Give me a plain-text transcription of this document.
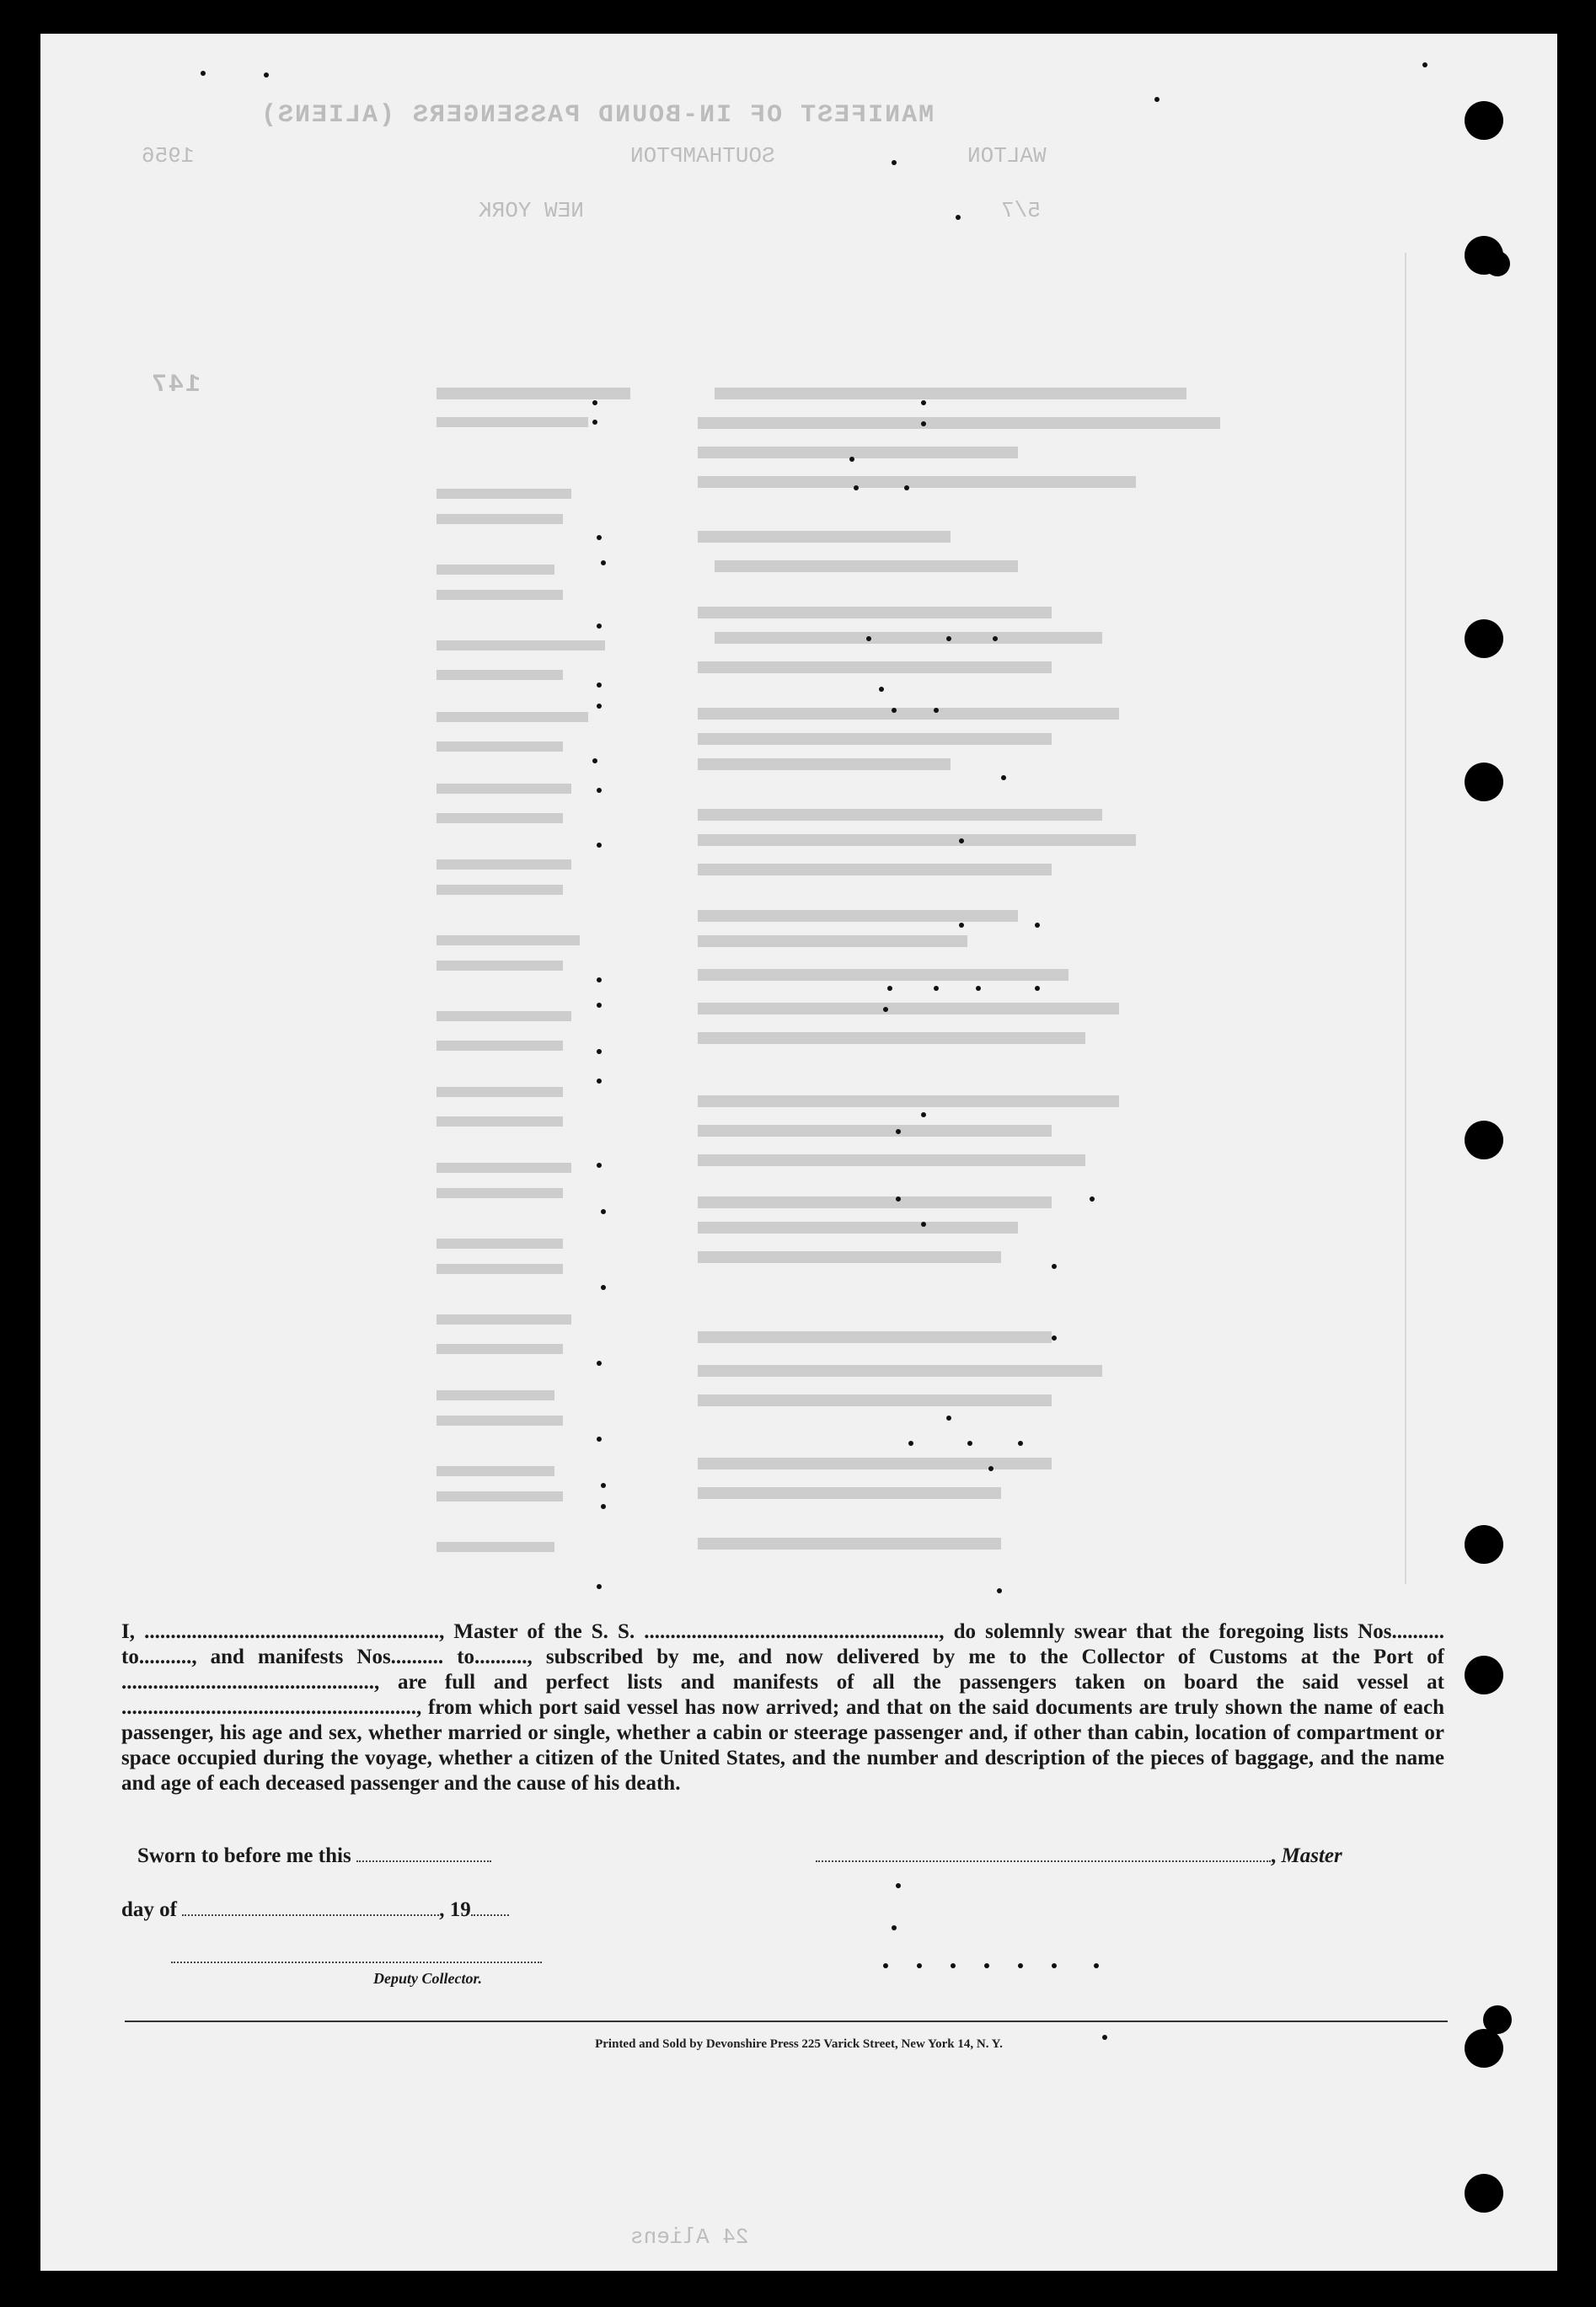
MANIFEST OF IN-BOUND PASSENGERS (ALIENS)
WALTON
SOUTHAMPTON
1956
NEW YORK	5/7
147
24 Aliens
I, ........................................................, Master of the S. S. ........................................................, do solemnly swear that the foregoing lists Nos.......... to.........., and manifests Nos.......... to.........., subscribed by me, and now delivered by me to the Collector of Customs at the Port of ................................................, are full and perfect lists and manifests of all the passengers taken on board the said vessel at ........................................................, from which port said vessel has now arrived; and that on the said documents are truly shown the name of each passenger, his age and sex, whether married or single, whether a cabin or steerage passenger and, if other than cabin, location of compartment or space occupied during the voyage, whether a citizen of the United States, and the number and description of the pieces of baggage, and the name and age of each deceased passenger and the cause of his death.
Sworn to before me this	, Master
day of	, 19
Deputy Collector.
Printed and Sold by Devonshire Press 225 Varick Street, New York 14, N. Y.
